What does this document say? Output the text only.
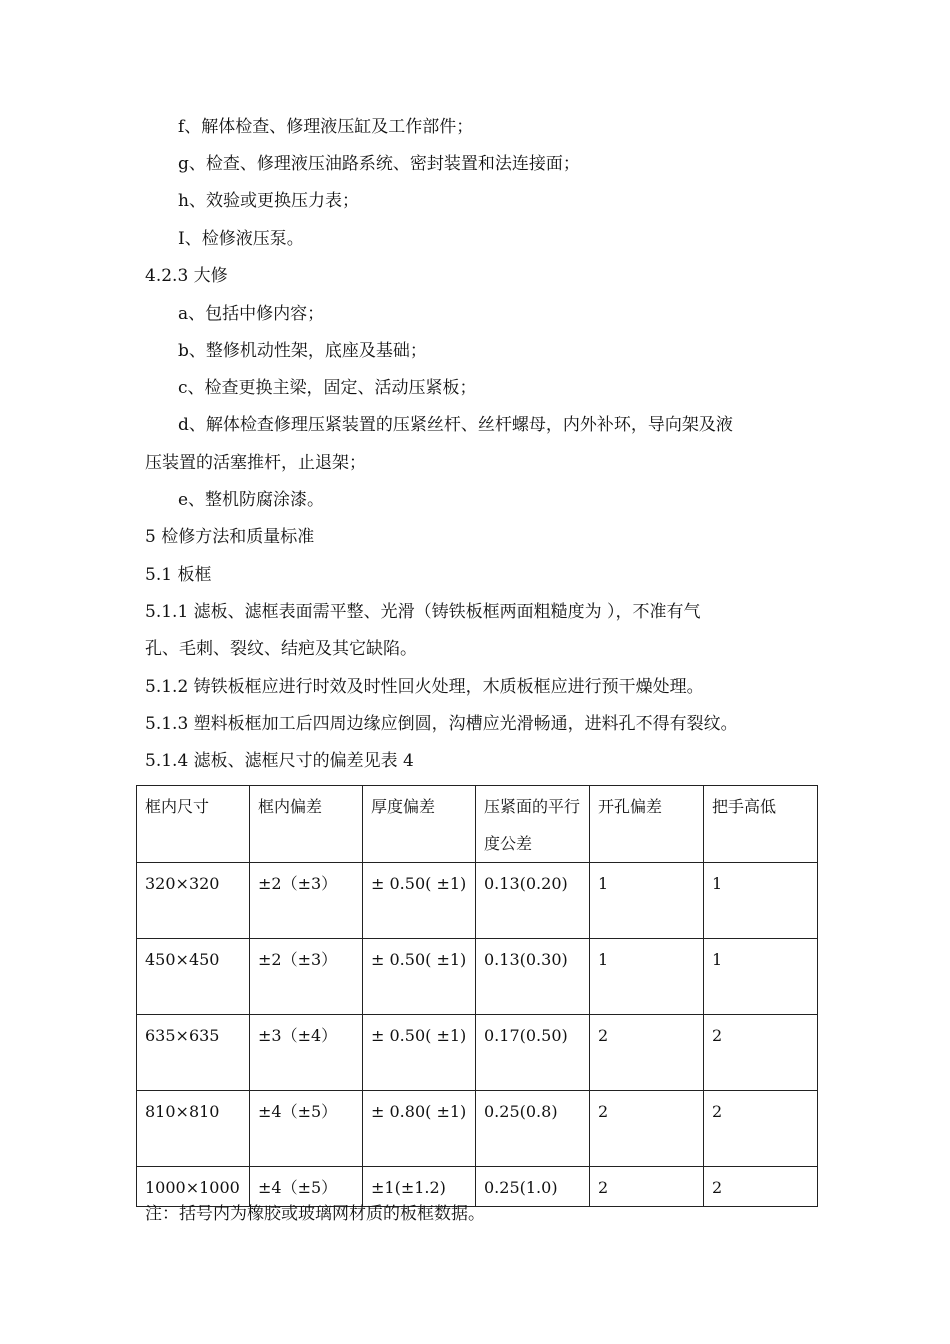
f、解体检查、修理液压缸及工作部件；
g、检查、修理液压油路系统、密封装置和法连接面；
h、效验或更换压力表；
I、检修液压泵。
4.2.3 大修
a、包括中修内容；
b、整修机动性架，底座及基础；
c、检查更换主梁，固定、活动压紧板；
d、解体检查修理压紧装置的压紧丝杆、丝杆螺母，内外补环，导向架及液
压装置的活塞推杆，止退架；
e、整机防腐涂漆。
5 检修方法和质量标准
5.1 板框
5.1.1 滤板、滤框表面需平整、光滑（铸铁板框两面粗糙度为 ），不准有气
孔、毛刺、裂纹、结疤及其它缺陷。
5.1.2 铸铁板框应进行时效及时性回火处理，木质板框应进行预干燥处理。
5.1.3 塑料板框加工后四周边缘应倒圆，沟槽应光滑畅通，进料孔不得有裂纹。
5.1.4 滤板、滤框尺寸的偏差见表 4
框内尺寸	框内偏差	厚度偏差	压紧面的平行度公差	开孔偏差	把手高低
320×320	±2（±3）	± 0.50( ±1)	0.13(0.20)	1	1
450×450	±2（±3）	± 0.50( ±1)	0.13(0.30)	1	1
635×635	±3（±4）	± 0.50( ±1)	0.17(0.50)	2	2
810×810	±4（±5）	± 0.80( ±1)	0.25(0.8)	2	2
1000×1000	±4（±5）	±1(±1.2)	0.25(1.0)	2	2
注：括号内为橡胶或玻璃网材质的板框数据。
